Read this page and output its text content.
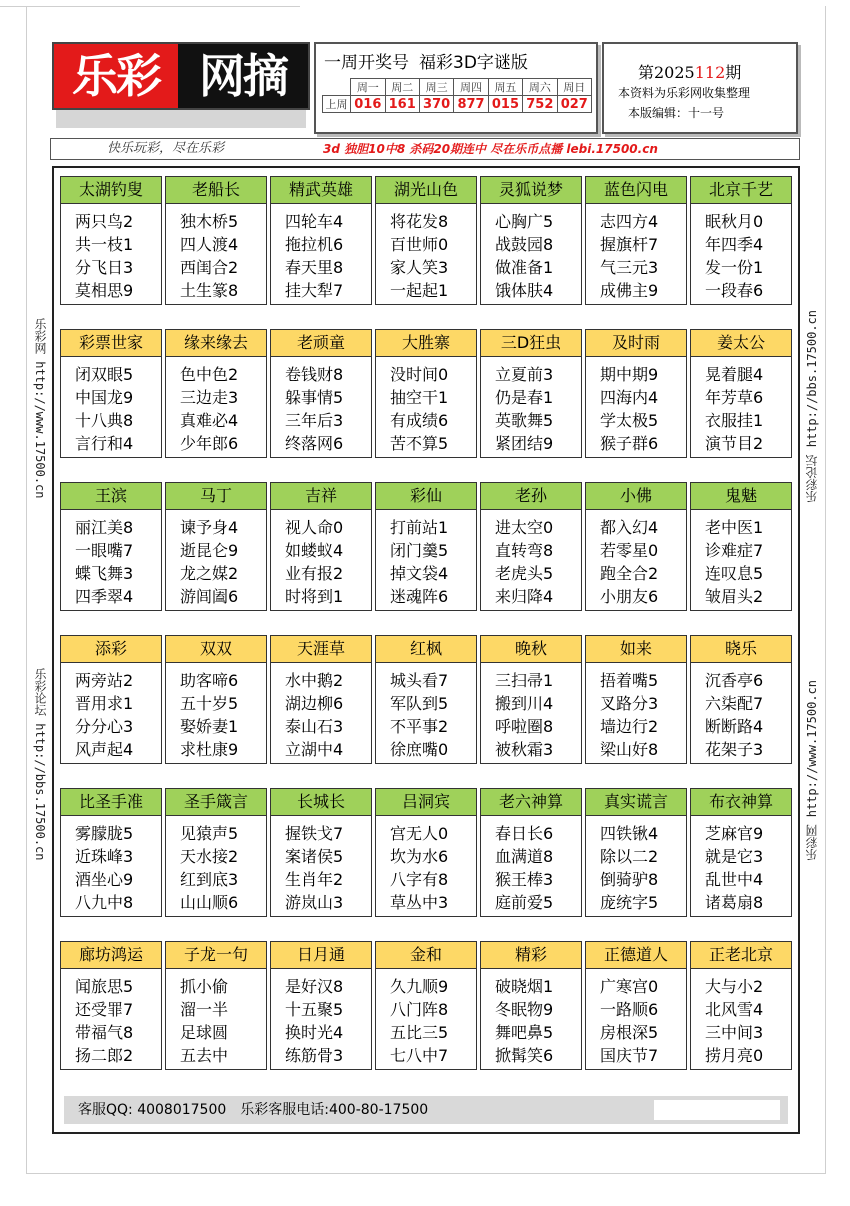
乐彩 网摘	一周开奖号 福彩3D字谜版
	周一	周二	周三	周四	周五	周六	周日
上周	016	161	370	877	015	752	027
第2025112期
本资料为乐彩网收集整理
本版编辑：十一号
快乐玩彩，尽在乐彩	3d 独胆10中8 杀码20期连中 尽在乐币点播 lebi.17500.cn
乐彩网 http://www.17500.cn
乐彩论坛 http://bbs.17500.cn
乐彩论坛 http://bbs.17500.cn
乐彩网 http://www.17500.cn
客服QQ: 4008017500 乐彩客服电话:400-80-17500
太湖钓叟
两只鸟2
共一枝1
分飞日3
莫相思9
老船长
独木桥5
四人渡4
西闺合2
土生篆8
精武英雄
四轮车4
拖拉机6
春天里8
挂大犁7
湖光山色
将花发8
百世师0
家人笑3
一起起1
灵狐说梦
心胸广5
战鼓园8
做准备1
饿体肤4
蓝色闪电
志四方4
握旗杆7
气三元3
成佛主9
北京千艺
眠秋月0
年四季4
发一份1
一段春6
彩票世家
闭双眼5
中国龙9
十八典8
言行和4
缘来缘去
色中色2
三边走3
真难必4
少年郎6
老顽童
卷钱财8
躲事情5
三年后3
终落网6
大胜寨
没时间0
抽空干1
有成绩6
苦不算5
三D狂虫
立夏前3
仍是春1
英歌舞5
紧团结9
及时雨
期中期9
四海内4
学太极5
猴子群6
姜太公
晃着腿4
年芳草6
衣服挂1
演节目2
王滨
丽江美8
一眼嘴7
蝶飞舞3
四季翠4
马丁
谏予身4
逝昆仑9
龙之媒2
游闾阖6
吉祥
视人命0
如蝼蚁4
业有报2
时将到1
彩仙
打前站1
闭门羹5
掉文袋4
迷魂阵6
老孙
进太空0
直转弯8
老虎头5
来归降4
小佛
都入幻4
若零星0
跑全合2
小朋友6
鬼魅
老中医1
诊难症7
连叹息5
皱眉头2
添彩
两旁站2
晋用求1
分分心3
风声起4
双双
助客啼6
五十岁5
娶娇妻1
求杜康9
天涯草
水中鹅2
湖边柳6
泰山石3
立湖中4
红枫
城头看7
军队到5
不平事2
徐庶嘴0
晚秋
三扫帚1
搬到川4
呼啦圈8
被秋霜3
如来
捂着嘴5
叉路分3
墙边行2
梁山好8
晓乐
沉香亭6
六柒配7
断断路4
花架子3
比圣手准
雾朦胧5
近珠峰3
酒坐心9
八九中8
圣手箴言
见猿声5
天水接2
红到底3
山山顺6
长城长
握铁戈7
案诸侯5
生肖年2
游岚山3
吕洞宾
宫无人0
坎为水6
八字有8
草丛中3
老六神算
春日长6
血满道8
猴王棒3
庭前爱5
真实谎言
四铁锹4
除以二2
倒骑驴8
庞统字5
布衣神算
芝麻官9
就是它3
乱世中4
诸葛扇8
廊坊鸿运
闻旅思5
还受罪7
带福气8
扬二郎2
子龙一句
抓小偷
溜一半
足球圆
五去中
日月通
是好汉8
十五聚5
换时光4
练筋骨3
金和
久九顺9
八门阵8
五比三5
七八中7
精彩
破晓烟1
冬眠物9
舞吧鼻5
掀髯笑6
正德道人
广寒宫0
一路顺6
房根深5
国庆节7
正老北京
大与小2
北风雪4
三中间3
捞月亮0
